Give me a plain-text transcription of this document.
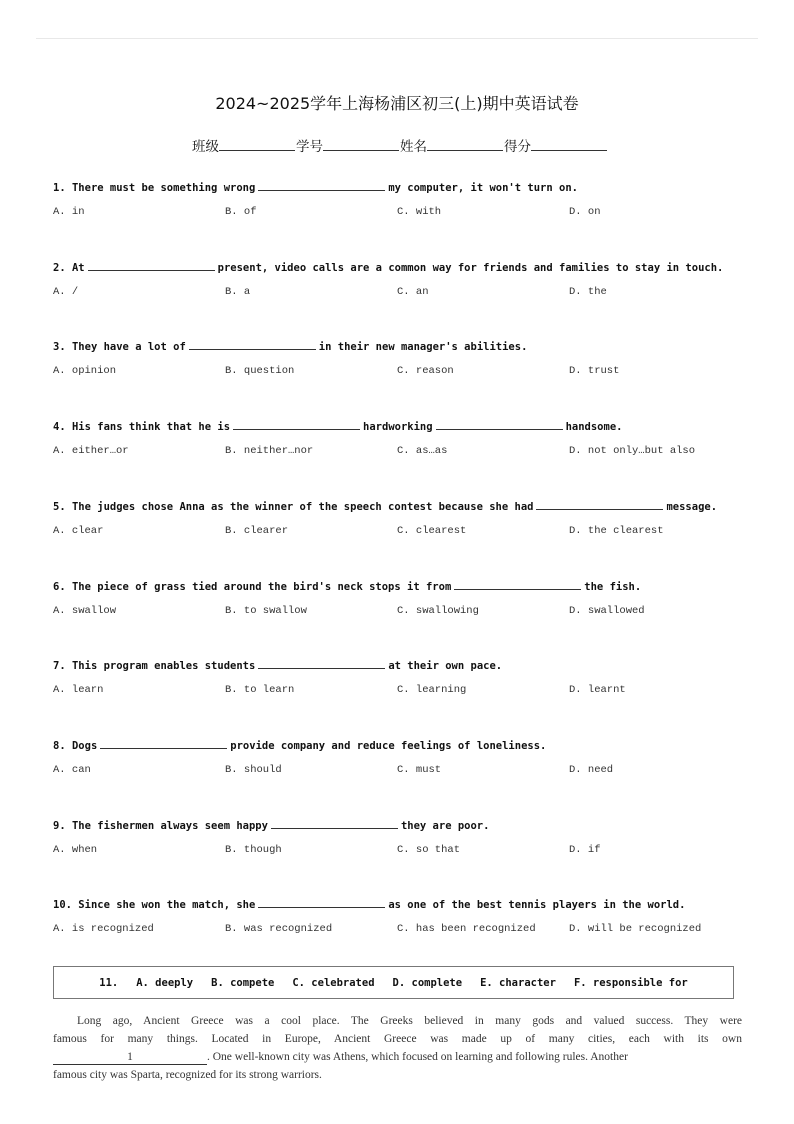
2024~2025学年上海杨浦区初三(上)期中英语试卷
班级	学号	姓名	得分
1. There must be something wrong	my computer, it won't turn on.
A. in	B. of	C. with	D. on
2. At	present, video calls are a common way for friends and families to stay in touch.
A. /	B. a	C. an	D. the
3. They have a lot of	in their new manager's abilities.
A. opinion	B. question	C. reason	D. trust
4. His fans think that he is	hardworking	handsome.
A. either…or	B. neither…nor	C. as…as	D. not only…but also
5. The judges chose Anna as the winner of the speech contest because she had	message.
A. clear	B. clearer	C. clearest	D. the clearest
6. The piece of grass tied around the bird's neck stops it from	the fish.
A. swallow	B. to swallow	C. swallowing	D. swallowed
7. This program enables students	at their own pace.
A. learn	B. to learn	C. learning	D. learnt
8. Dogs	provide company and reduce feelings of loneliness.
A. can	B. should	C. must	D. need
9. The fishermen always seem happy	they are poor.
A. when	B. though	C. so that	D. if
10. Since she won the match, she	as one of the best tennis players in the world.
A. is recognized	B. was recognized	C. has been recognized	D. will be recognized
11. A. deeply B. compete C. celebrated D. complete E. character F. responsible for
Long ago, Ancient Greece was a cool place. The Greeks believed in many gods and valued success. They were
famous for many things. Located in Europe, Ancient Greece was made up of many cities, each with its own
1	. One well-known city was Athens, which focused on learning and following rules. Another
famous city was Sparta, recognized for its strong warriors.
